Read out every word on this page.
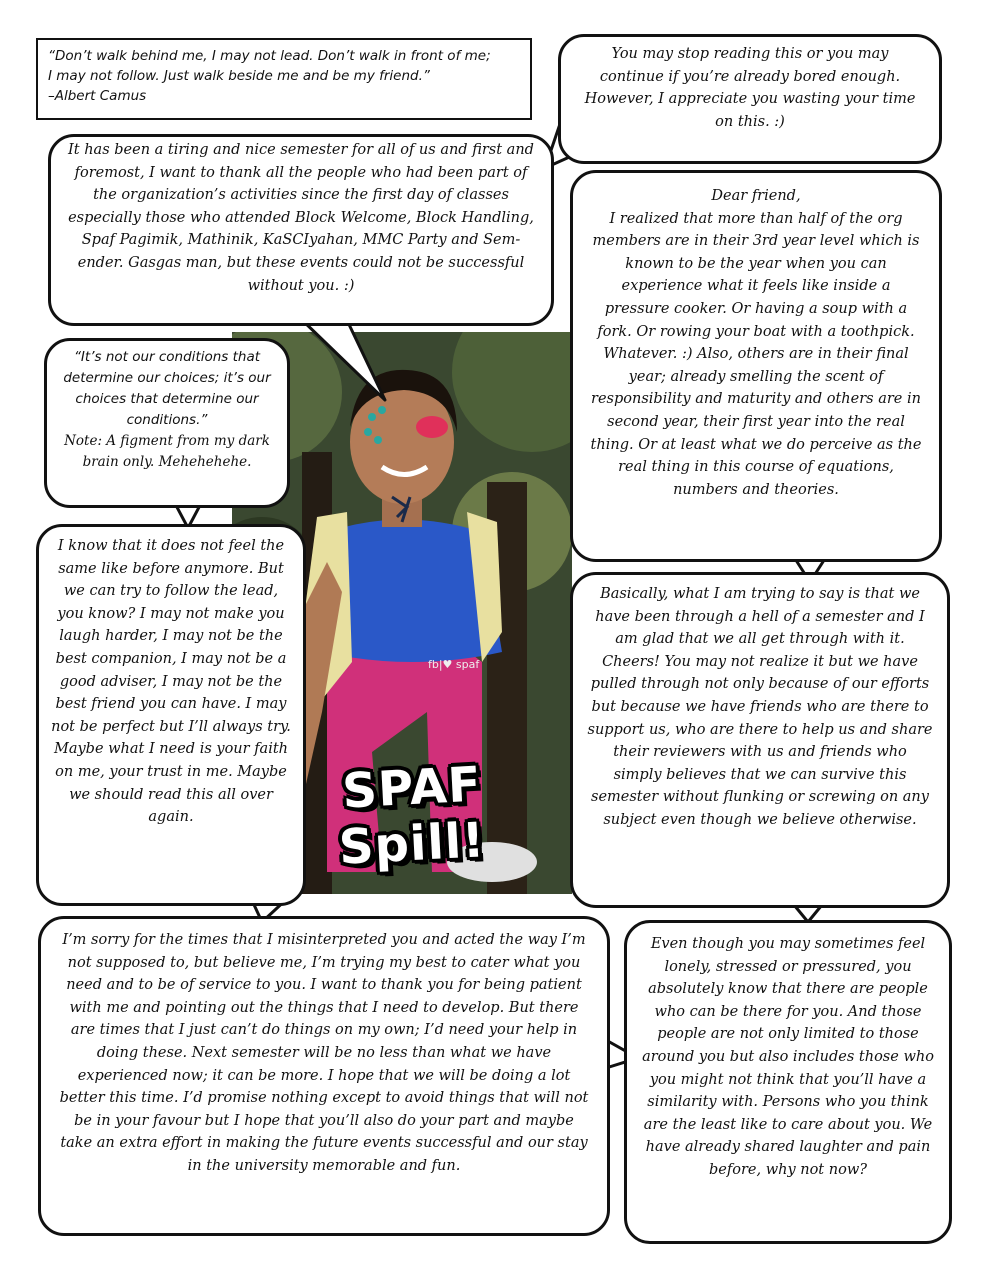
fb|♥ spaf
SPAF
Spill!

“Don’t walk behind me, I may not lead. Don’t walk in front of me;

I may not follow. Just walk beside me and be my friend.”

–Albert Camus

You may stop reading this or you may continue if you’re already bored enough. However, I appreciate you wasting your time on this. :)

It has been a tiring and nice semester for all of us and first and foremost, I want to thank all the people who had been part of the organization’s activities since the first day of classes especially those who attended Block Welcome, Block Handling, Spaf Pagimik, Mathinik, KaSCIyahan, MMC Party and Sem- ender. Gasgas man, but these events could not be successful without you. :)

“It’s not our conditions that determine our choices; it’s our choices that determine our conditions.”

Note: A figment from my dark brain only. Mehehehehe.

Dear friend,

I realized that more than half of the org members are in their 3rd year level which is known to be the year when you can experience what it feels like inside a pressure cooker. Or having a soup with a fork. Or rowing your boat with a toothpick. Whatever. :) Also, others are in their final year; already smelling the scent of responsibility and maturity and others are in second year, their first year into the real thing. Or at least what we do perceive as the real thing in this course of equations, numbers and theories.

I know that it does not feel the same like before anymore. But we can try to follow the lead, you know? I may not make you laugh harder, I may not be the best companion, I may not be a good adviser, I may not be the best friend you can have. I may not be perfect but I’ll always try. Maybe what I need is your faith on me, your trust in me. Maybe we should read this all over again.

Basically, what I am trying to say is that we have been through a hell of a semester and I am glad that we all get through with it. Cheers! You may not realize it but we have pulled through not only because of our efforts but because we have friends who are there to support us, who are there to help us and share their reviewers with us and friends who simply believes that we can survive this semester without flunking or screwing on any subject even though we believe otherwise.

I’m sorry for the times that I misinterpreted you and acted the way I’m not supposed to, but believe me, I’m trying my best to cater what you need and to be of service to you. I want to thank you for being patient with me and pointing out the things that I need to develop. But there are times that I just can’t do things on my own; I’d need your help in doing these. Next semester will be no less than what we have experienced now; it can be more. I hope that we will be doing a lot better this time. I’d promise nothing except to avoid things that will not be in your favour but I hope that you’ll also do your part and maybe take an extra effort in making the future events successful and our stay in the university memorable and fun.

Even though you may sometimes feel lonely, stressed or pressured, you absolutely know that there are people who can be there for you. And those people are not only limited to those around you but also includes those who you might not think that you’ll have a similarity with. Persons who you think are the least like to care about you. We have already shared laughter and pain before, why not now?
